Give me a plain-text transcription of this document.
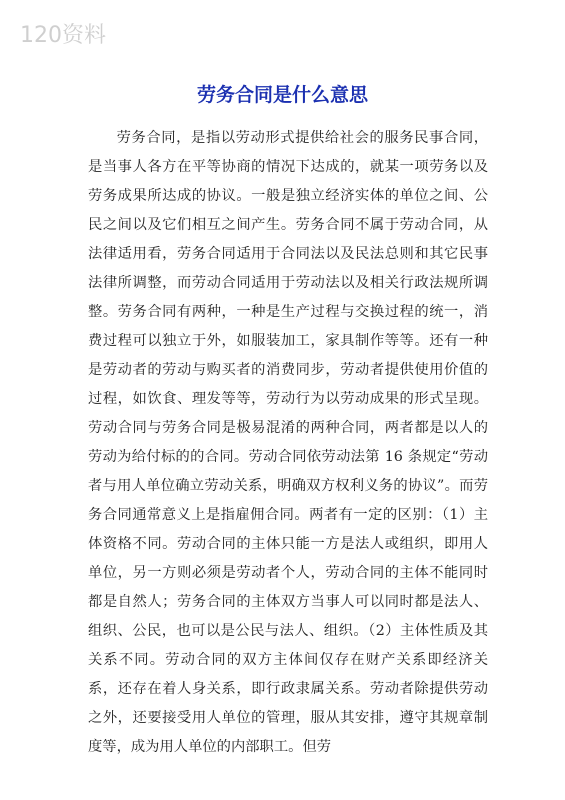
120资料
劳务合同是什么意思

劳务合同，是指以劳动形式提供给社会的服务民事合同，是当事人各方在平等协商的情况下达成的，就某一项劳务以及劳务成果所达成的协议。一般是独立经济实体的单位之间、公民之间以及它们相互之间产生。劳务合同不属于劳动合同，从法律适用看，劳务合同适用于合同法以及民法总则和其它民事法律所调整，而劳动合同适用于劳动法以及相关行政法规所调整。劳务合同有两种，一种是生产过程与交换过程的统一，消费过程可以独立于外，如服装加工，家具制作等等。还有一种是劳动者的劳动与购买者的消费同步，劳动者提供使用价值的过程，如饮食、理发等等，劳动行为以劳动成果的形式呈现。劳动合同与劳务合同是极易混淆的两种合同，两者都是以人的劳动为给付标的的合同。劳动合同依劳动法第 16 条规定“劳动者与用人单位确立劳动关系，明确双方权利义务的协议”。而劳务合同通常意义上是指雇佣合同。两者有一定的区别：（1）主体资格不同。劳动合同的主体只能一方是法人或组织，即用人单位，另一方则必须是劳动者个人，劳动合同的主体不能同时都是自然人；劳务合同的主体双方当事人可以同时都是法人、组织、公民，也可以是公民与法人、组织。（2）主体性质及其关系不同。劳动合同的双方主体间仅存在财产关系即经济关系，还存在着人身关系，即行政隶属关系。劳动者除提供劳动之外，还要接受用人单位的管理，服从其安排，遵守其规章制度等，成为用人单位的内部职工。但劳
